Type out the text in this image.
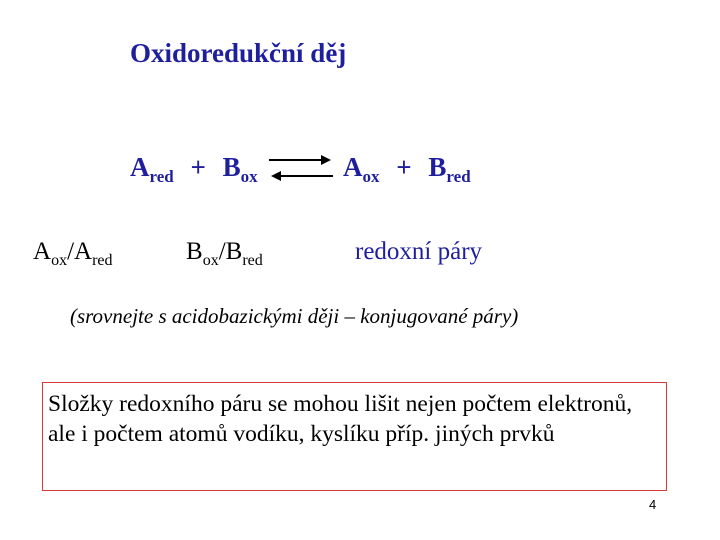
Oxidoredukční děj
$A_{red} + B_{ox}$	$A_{ox} + B_{red}$
$A_{ox}/A_{red}$	$B_{ox}/B_{red}$	redoxní páry
(srovnejte s acidobazickými ději – konjugované páry)
Složky redoxního páru se mohou lišit nejen počtem elektronů, ale i počtem atomů vodíku, kyslíku příp. jiných prvků
4
